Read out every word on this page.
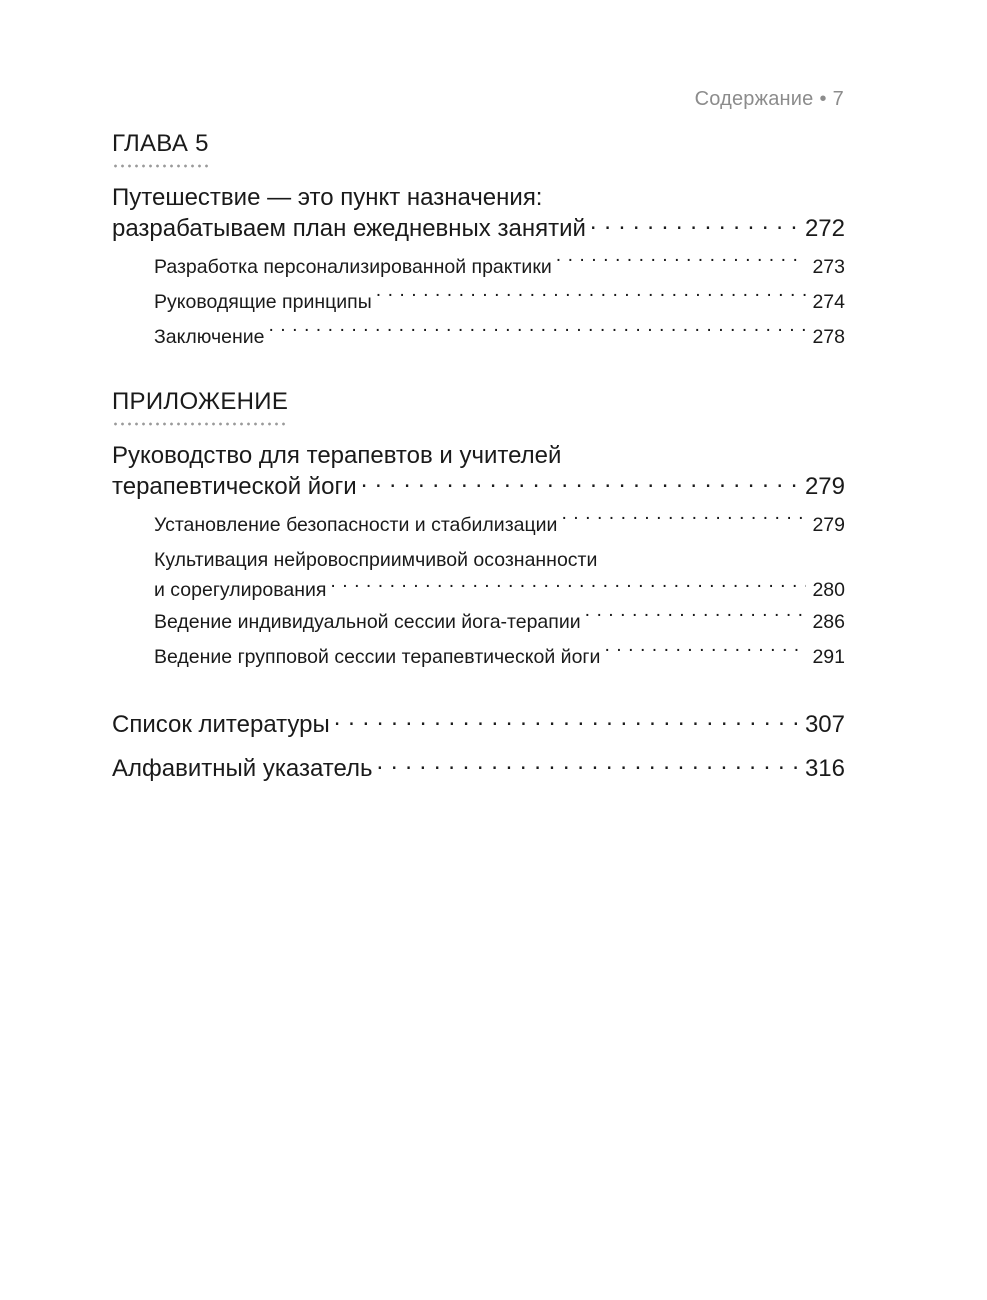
Содержание • 7
ГЛАВА 5
Путешествие — это пункт назначения:
разрабатываем план ежедневных занятий . . .	272
Разработка персонализированной практики . . .	273
Руководящие принципы . . .	274
Заключение . . .	278
ПРИЛОЖЕНИЕ
Руководство для терапевтов и учителей
терапевтической йоги . . .	279
Установление безопасности и стабилизации . . .	279
Культивация нейровосприимчивой осознанности
и сорегулирования . . .	280
Ведение индивидуальной сессии йога-терапии . . .	286
Ведение групповой сессии терапевтической йоги . . .	291
Список литературы . . .	307
Алфавитный указатель . . .	316
